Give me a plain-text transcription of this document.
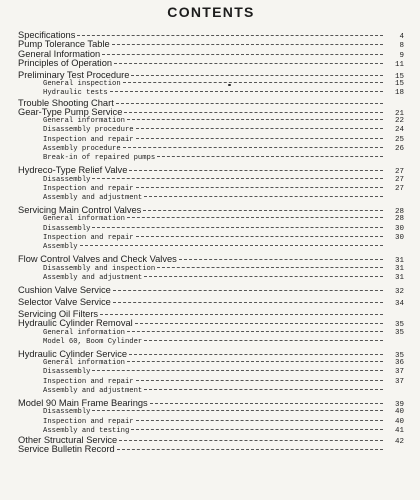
CONTENTS
Specifications	4
Pump Tolerance Table	8
General Information	9
Principles of Operation	11
Preliminary Test Procedure	15
General inspection	15
Hydraulic tests	18
Trouble Shooting Chart
Gear-Type Pump Service	21
General information	22
Disassembly procedure	24
Inspection and repair	25
Assembly procedure	26
Break-in of repaired pumps
Hydreco-Type Relief Valve	27
Disassembly	27
Inspection and repair	27
Assembly and adjustment
Servicing Main Control Valves	28
General information	28
Disassembly	30
Inspection and repair	30
Assembly
Flow Control Valves and Check Valves	31
Disassembly and inspection	31
Assembly and adjustment	31
Cushion Valve Service	32
Selector Valve Service	34
Servicing Oil Filters
Hydraulic Cylinder Removal	35
General information	35
Model 60, Boom Cylinder
Hydraulic Cylinder Service	35
General information	36
Disassembly	37
Inspection and repair	37
Assembly and adjustment
Model 90 Main Frame Bearings	39
Disassembly	40
Inspection and repair	40
Assembly and testing	41
Other Structural Service	42
Service Bulletin Record
